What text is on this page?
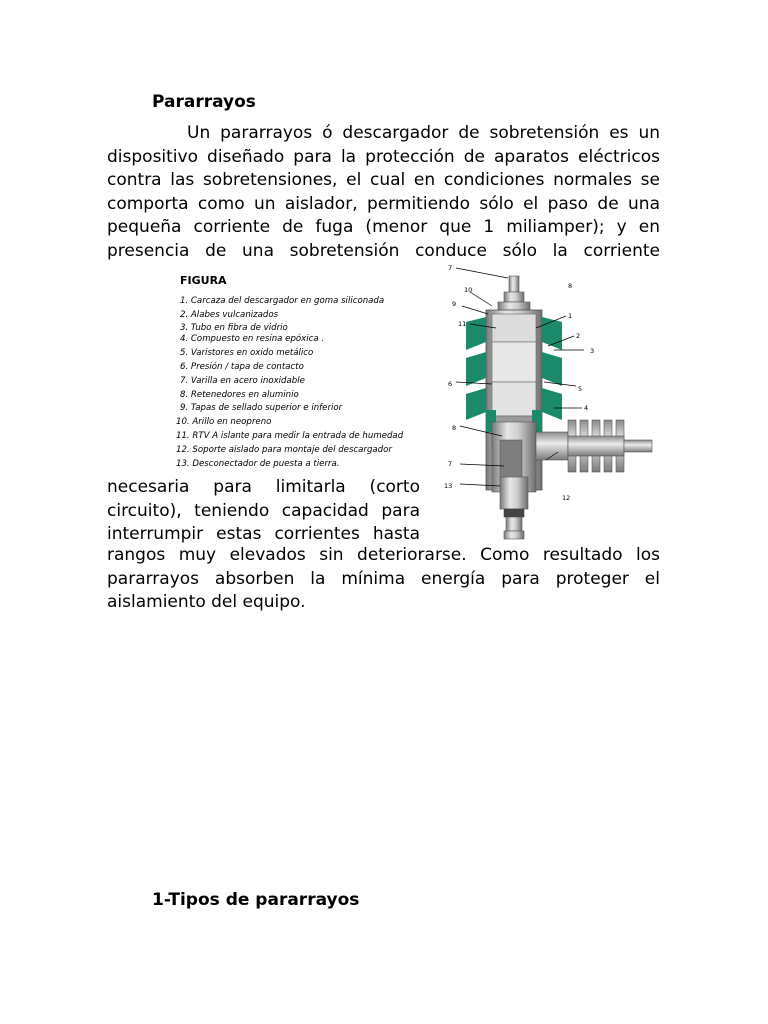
Pararrayos
Un pararrayos ó descargador de sobretensión es un
dispositivo diseñado para la protección de aparatos eléctricos
contra las sobretensiones, el cual en condiciones normales se
comporta como un aislador, permitiendo sólo el paso de una
pequeña corriente de fuga (menor que 1 miliamper); y en
presencia de una sobretensión conduce sólo la corriente
FIGURA
1. Carcaza del descargador en goma siliconada
2. Alabes vulcanizados
3. Tubo en fibra de vidrio
4. Compuesto en resina epóxica .
5. Varistores en oxido metálico
6. Presión / tapa de contacto
7. Varilla en acero inoxidable
8. Retenedores en aluminio
9. Tapas de sellado superior e inferior
10. Arillo en neopreno
11. RTV A islante para medir la entrada de humedad
12. Soporte aislado para montaje del descargador
13. Desconectador de puesta a tierra.
7
8
10
9
11
1
2
3
6
5
4
8
7
13
12
necesaria para limitarla (corto
circuito), teniendo capacidad para
interrumpir estas corrientes hasta
rangos muy elevados sin deteriorarse. Como resultado los
pararrayos absorben la mínima energía para proteger el
aislamiento del equipo.
1-Tipos de pararrayos
